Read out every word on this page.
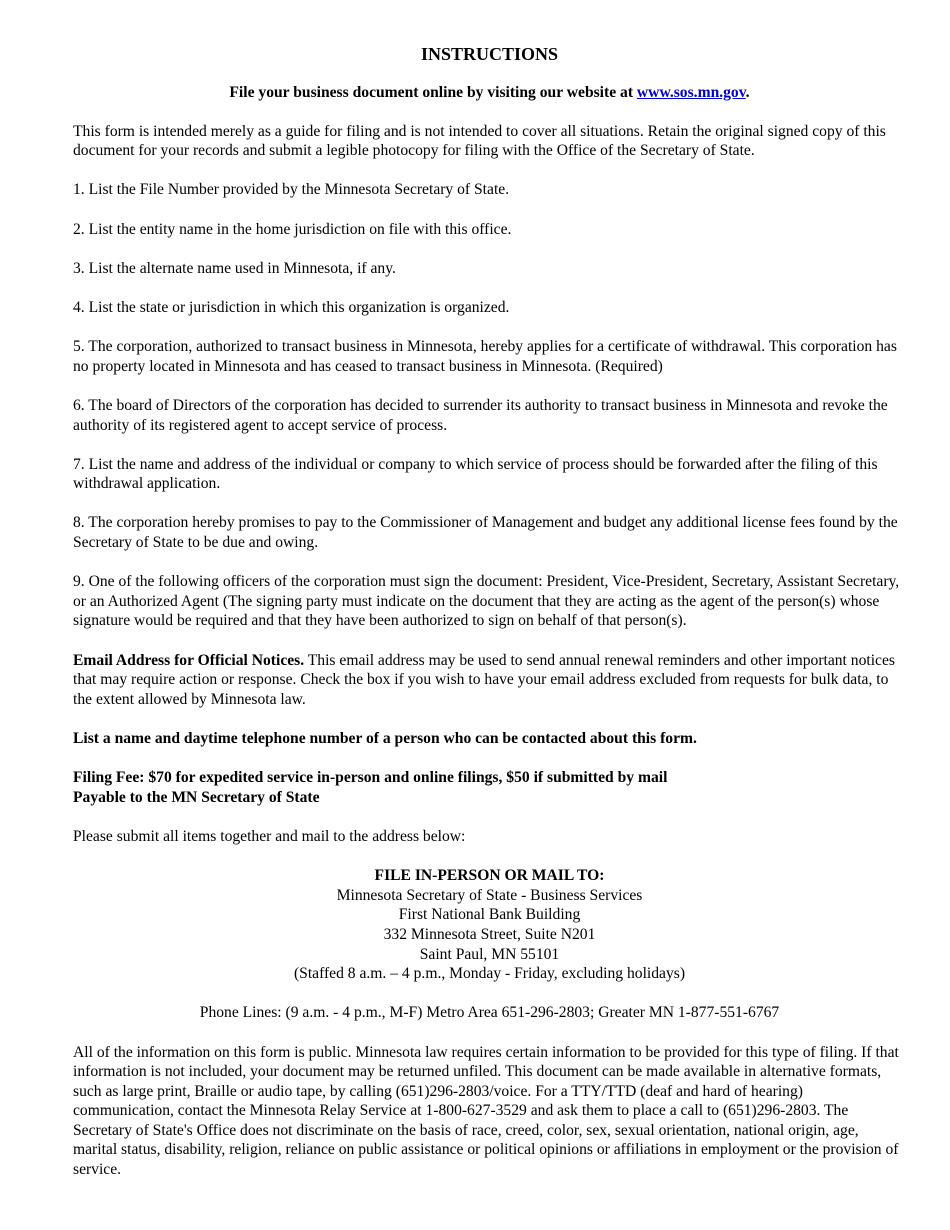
INSTRUCTIONS
File your business document online by visiting our website at www.sos.mn.gov.

This form is intended merely as a guide for filing and is not intended to cover all situations. Retain the original signed copy of this document for your records and submit a legible photocopy for filing with the Office of the Secretary of State.

1. List the File Number provided by the Minnesota Secretary of State.

2. List the entity name in the home jurisdiction on file with this office.

3. List the alternate name used in Minnesota, if any.

4. List the state or jurisdiction in which this organization is organized.

5. The corporation, authorized to transact business in Minnesota, hereby applies for a certificate of withdrawal. This corporation has no property located in Minnesota and has ceased to transact business in Minnesota. (Required)

6. The board of Directors of the corporation has decided to surrender its authority to transact business in Minnesota and revoke the authority of its registered agent to accept service of process.

7. List the name and address of the individual or company to which service of process should be forwarded after the filing of this withdrawal application.

8. The corporation hereby promises to pay to the Commissioner of Management and budget any additional license fees found by the Secretary of State to be due and owing.

9. One of the following officers of the corporation must sign the document: President, Vice-President, Secretary, Assistant Secretary, or an Authorized Agent (The signing party must indicate on the document that they are acting as the agent of the person(s) whose signature would be required and that they have been authorized to sign on behalf of that person(s).

Email Address for Official Notices. This email address may be used to send annual renewal reminders and other important notices that may require action or response. Check the box if you wish to have your email address excluded from requests for bulk data, to the extent allowed by Minnesota law.

List a name and daytime telephone number of a person who can be contacted about this form.

Filing Fee: $70 for expedited service in-person and online filings, $50 if submitted by mail

Payable to the MN Secretary of State

Please submit all items together and mail to the address below:

FILE IN-PERSON OR MAIL TO:
Minnesota Secretary of State - Business Services
First National Bank Building
332 Minnesota Street, Suite N201
Saint Paul, MN 55101
(Staffed 8 a.m. – 4 p.m., Monday - Friday, excluding holidays)

Phone Lines: (9 a.m. - 4 p.m., M-F) Metro Area 651-296-2803; Greater MN 1-877-551-6767

All of the information on this form is public. Minnesota law requires certain information to be provided for this type of filing. If that information is not included, your document may be returned unfiled. This document can be made available in alternative formats, such as large print, Braille or audio tape, by calling (651)296-2803/voice. For a TTY/TTD (deaf and hard of hearing) communication, contact the Minnesota Relay Service at 1-800-627-3529 and ask them to place a call to (651)296-2803. The Secretary of State's Office does not discriminate on the basis of race, creed, color, sex, sexual orientation, national origin, age, marital status, disability, religion, reliance on public assistance or political opinions or affiliations in employment or the provision of service.
